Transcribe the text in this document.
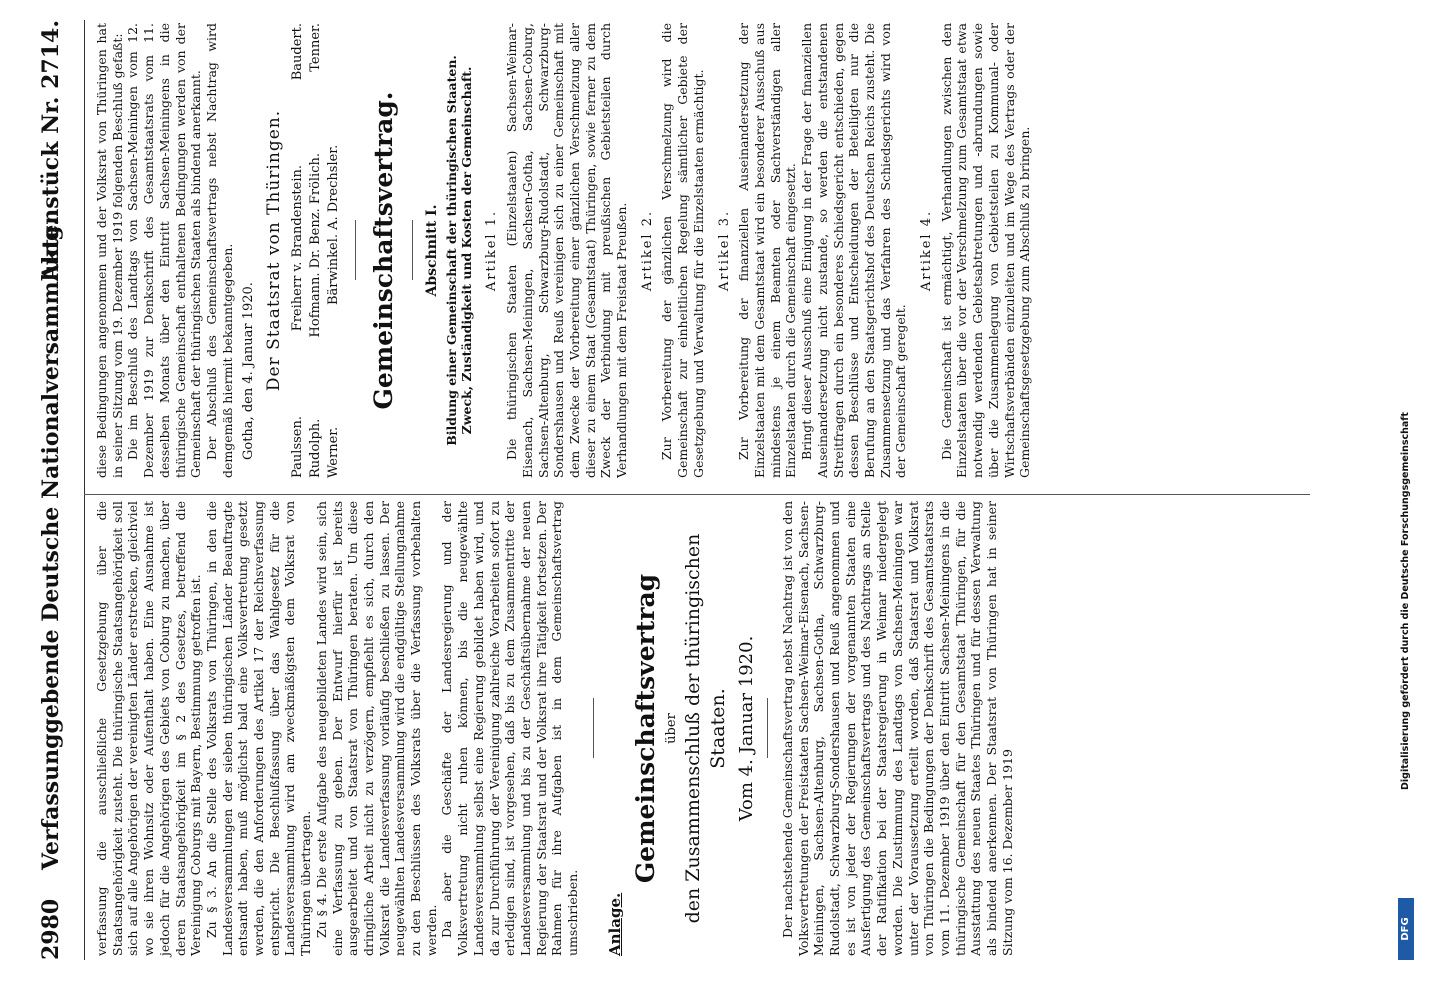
2980
Verfassunggebende Deutsche Nationalversammlung.
Aktenstück Nr. 2714.

verfassung die ausschließliche Gesetzgebung über die Staatsangehörigkeit zusteht. Die thüringische Staatsangehörigkeit soll sich auf alle Angehörigen der vereinigten Länder erstrecken, gleichviel wo sie ihren Wohnsitz oder Aufenthalt haben. Eine Ausnahme ist jedoch für die Angehörigen des Gebiets von Coburg zu machen, über deren Staatsangehörigkeit im § 2 des Gesetzes, betreffend die Vereinigung Coburgs mit Bayern, Bestimmung getroffen ist. Zu § 3. An die Stelle des Volksrats von Thüringen, in den die Landesversammlungen der sieben thüringischen Länder Beauftragte entsandt haben, muß möglichst bald eine Volksvertretung gesetzt werden, die den Anforderungen des Artikel 17 der Reichsverfassung entspricht. Die Beschlußfassung über das Wahlgesetz für die Landesversammlung wird am zweckmäßigsten dem Volksrat von Thüringen übertragen. Zu § 4. Die erste Aufgabe des neugebildeten Landes wird sein, sich eine Verfassung zu geben. Der Entwurf hierfür ist bereits ausgearbeitet und von Staatsrat von Thüringen beraten. Um diese dringliche Arbeit nicht zu verzögern, empfiehlt es sich, durch den Volksrat die Landesverfassung vorläufig beschließen zu lassen. Der neugewählten Landesversammlung wird die endgültige Stellungnahme zu den Beschlüssen des Volksrats über die Verfassung vorbehalten werden. Da aber die Geschäfte der Landesregierung und der Volksvertretung nicht ruhen können, bis die neugewählte Landesversammlung selbst eine Regierung gebildet haben wird, und da zur Durchführung der Vereinigung zahlreiche Vorarbeiten sofort zu erledigen sind, ist vorgesehen, daß bis zu dem Zusammentritte der Landesversammlung und bis zu der Geschäftsübernahme der neuen Regierung der Staatsrat und der Volksrat ihre Tätigkeit fortsetzen. Der Rahmen für ihre Aufgaben ist in dem Gemeinschaftsvertrag umschrieben. Anlage.
Gemeinschaftsvertrag über den Zusammenschluß der thüringischen Staaten. Vom 4. Januar 1920. Der nachstehende Gemeinschaftsvertrag nebst Nachtrag ist von den Volksvertretungen der Freistaaten Sachsen-Weimar-Eisenach, Sachsen-Meiningen, Sachsen-Altenburg, Sachsen-Gotha, Schwarzburg-Rudolstadt, Schwarzburg-Sondershausen und Reuß angenommen und es ist von jeder der Regierungen der vorgenannten Staaten eine Ausfertigung des Gemeinschaftsvertrags und des Nachtrags an Stelle der Ratifikation bei der Staatsregierung in Weimar niedergelegt worden. Die Zustimmung des Landtags von Sachsen-Meiningen war unter der Voraussetzung erteilt worden, daß Staatsrat und Volksrat von Thüringen die Bedingungen der Denkschrift des Gesamtstaatsrats vom 11. Dezember 1919 über den Eintritt Sachsen-Meiningens in die thüringische Gemeinschaft für den Gesamtstaat Thüringen, für die Ausstattung des neuen Staates Thüringen und für dessen Verwaltung als bindend anerkennen. Der Staatsrat von Thüringen hat in seiner Sitzung vom 16. Dezember 1919

diese Bedingungen angenommen und der Volksrat von Thüringen hat in seiner Sitzung vom 19. Dezember 1919 folgenden Beschluß gefaßt: Die im Beschluß des Landtags von Sachsen-Meiningen vom 12. Dezember 1919 zur Denkschrift des Gesamtstaatsrats vom 11. desselben Monats über den Eintritt Sachsen-Meiningens in die thüringische Gemeinschaft enthaltenen Bedingungen werden von der Gemeinschaft der thüringischen Staaten als bindend anerkannt. Der Abschluß des Gemeinschaftsvertrags nebst Nachtrag wird demgemäß hiermit bekanntgegeben. Gotha, den 4. Januar 1920. Der Staatsrat von Thüringen.
Paulssen.
Freiherr v. Brandenstein.
Baudert.
Rudolph.
Hofmann. Dr. Benz. Frölich.
Tenner.
Werner.
Bärwinkel. A. Drechsler. Gemeinschaftsvertrag. Abschnitt I. Bildung einer Gemeinschaft der thüringischen Staaten. Zweck, Zuständigkeit und Kosten der Gemeinschaft. Artikel 1. Die thüringischen Staaten (Einzelstaaten) Sachsen-Weimar-Eisenach, Sachsen-Meiningen, Sachsen-Gotha, Sachsen-Coburg, Sachsen-Altenburg, Schwarzburg-Rudolstadt, Schwarzburg-Sondershausen und Reuß vereinigen sich zu einer Gemeinschaft mit dem Zwecke der Vorbereitung einer gänzlichen Verschmelzung aller dieser zu einem Staat (Gesamtstaat) Thüringen, sowie ferner zu dem Zweck der Verbindung mit preußischen Gebietsteilen durch Verhandlungen mit dem Freistaat Preußen. Artikel 2. Zur Vorbereitung der gänzlichen Verschmelzung wird die Gemeinschaft zur einheitlichen Regelung sämtlicher Gebiete der Gesetzgebung und Verwaltung für die Einzelstaaten ermächtigt. Artikel 3. Zur Vorbereitung der finanziellen Auseinandersetzung der Einzelstaaten mit dem Gesamtstaat wird ein besonderer Ausschuß aus mindestens je einem Beamten oder Sachverständigen aller Einzelstaaten durch die Gemeinschaft eingesetzt. Bringt dieser Ausschuß eine Einigung in der Frage der finanziellen Auseinandersetzung nicht zustande, so werden die entstandenen Streitfragen durch ein besonderes Schiedsgericht entschieden, gegen dessen Beschlüsse und Entscheidungen der Beteiligten nur die Berufung an den Staatsgerichtshof des Deutschen Reichs zusteht. Die Zusammensetzung und das Verfahren des Schiedsgerichts wird von der Gemeinschaft geregelt.

Artikel 4. Die Gemeinschaft ist ermächtigt, Verhandlungen zwischen den Einzelstaaten über die vor der Verschmelzung zum Gesamtstaat etwa notwendig werdenden Gebietsabtretungen und -abrundungen sowie über die Zusammenlegung von Gebietsteilen zu Kommunal- oder Wirtschaftsverbänden einzuleiten und im Wege des Vertrags oder der Gemeinschaftsgesetzgebung zum Abschluß zu bringen.

DFG
Digitalisierung gefördert durch die Deutsche Forschungsgemeinschaft
